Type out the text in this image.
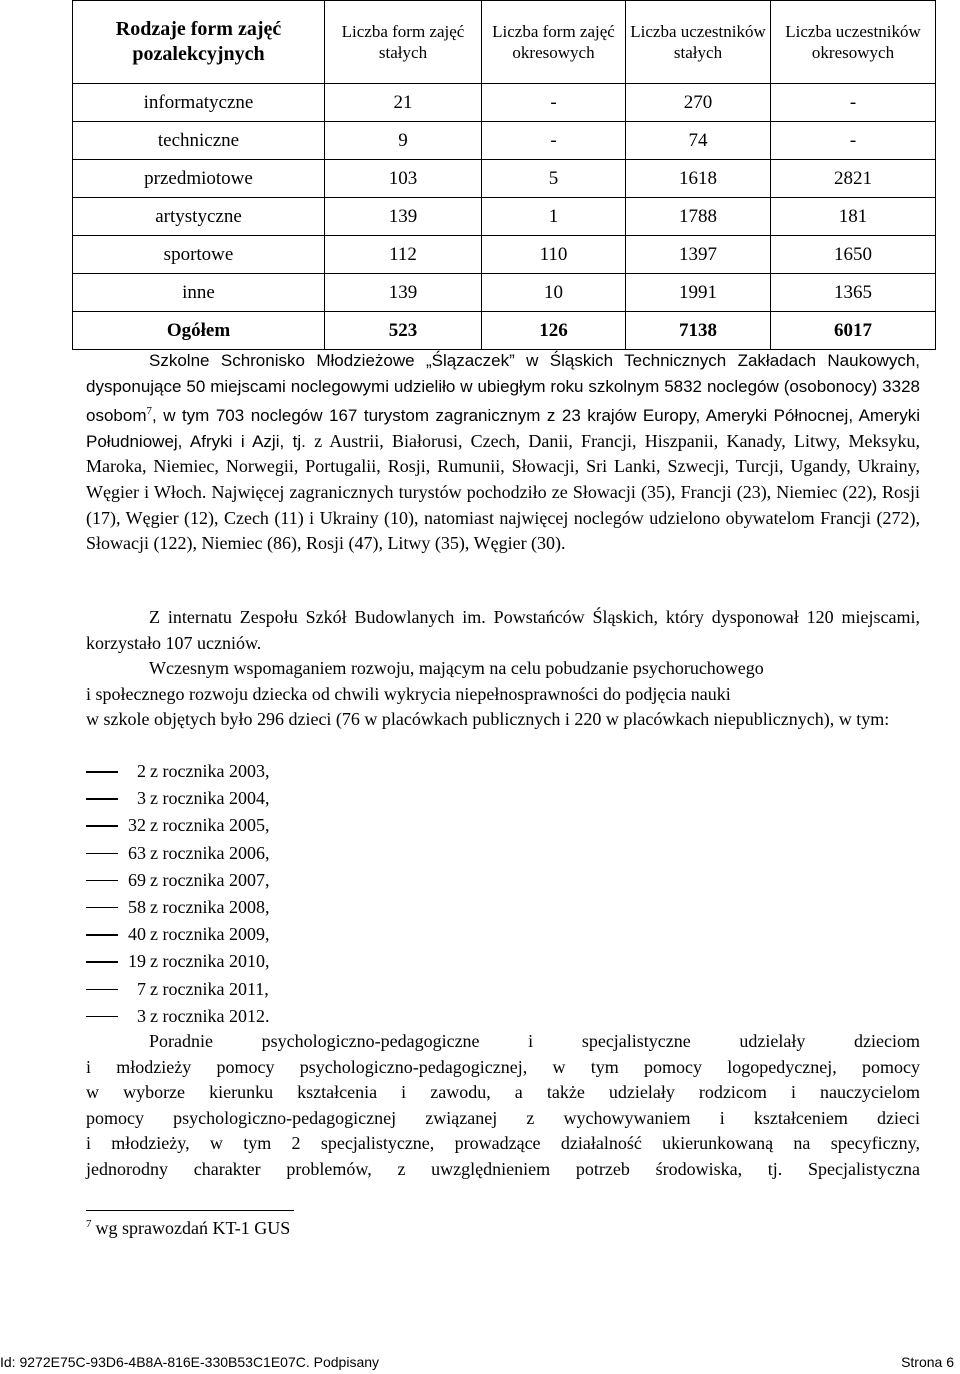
Rodzaje form zajęć pozalekcyjnych	Liczba form zajęć stałych	Liczba form zajęć okresowych	Liczba uczestników stałych	Liczba uczestników okresowych
informatyczne	21	-	270	-
techniczne	9	-	74	-
przedmiotowe	103	5	1618	2821
artystyczne	139	1	1788	181
sportowe	112	110	1397	1650
inne	139	10	1991	1365
Ogółem	523	126	7138	6017

Szkolne Schronisko Młodzieżowe „Ślązaczek” w Śląskich Technicznych Zakładach Naukowych, dysponujące 50 miejscami noclegowymi udzieliło w ubiegłym roku szkolnym 5832 noclegów (osobonocy) 3328 osobom$^7$, w tym 703 noclegów 167 turystom zagranicznym z 23 krajów Europy, Ameryki Północnej, Ameryki Południowej, Afryki i Azji, tj. z Austrii, Białorusi, Czech, Danii, Francji, Hiszpanii, Kanady, Litwy, Meksyku, Maroka, Niemiec, Norwegii, Portugalii, Rosji, Rumunii, Słowacji, Sri Lanki, Szwecji, Turcji, Ugandy, Ukrainy, Węgier i Włoch. Najwięcej zagranicznych turystów pochodziło ze Słowacji (35), Francji (23), Niemiec (22), Rosji (17), Węgier (12), Czech (11) i Ukrainy (10), natomiast najwięcej noclegów udzielono obywatelom Francji (272), Słowacji (122), Niemiec (86), Rosji (47), Litwy (35), Węgier (30).

Z internatu Zespołu Szkół Budowlanych im. Powstańców Śląskich, który dysponował 120 miejscami, korzystało 107 uczniów.

Wczesnym wspomaganiem rozwoju, mającym na celu pobudzanie psychoruchowego
i społecznego rozwoju dziecka od chwili wykrycia niepełnosprawności do podjęcia nauki
w szkole objętych było 296 dzieci (76 w placówkach publicznych i 220 w placówkach niepublicznych), w tym:
2 z rocznika 2003,
3 z rocznika 2004,
32 z rocznika 2005,
63 z rocznika 2006,
69 z rocznika 2007,
58 z rocznika 2008,
40 z rocznika 2009,
19 z rocznika 2010,
7 z rocznika 2011,
3 z rocznika 2012.
Poradnie psychologiczno-pedagogiczne i specjalistyczne udzielały dzieciom
i młodzieży pomocy psychologiczno-pedagogicznej, w tym pomocy logopedycznej, pomocy
w wyborze kierunku kształcenia i zawodu, a także udzielały rodzicom i nauczycielom
pomocy psychologiczno-pedagogicznej związanej z wychowywaniem i kształceniem dzieci
i młodzieży, w tym 2 specjalistyczne, prowadzące działalność ukierunkowaną na specyficzny,
jednorodny charakter problemów, z uwzględnieniem potrzeb środowiska, tj. Specjalistyczna
$^7$ wg sprawozdań KT-1 GUS
Id: 9272E75C-93D6-4B8A-816E-330B53C1E07C. Podpisany	Strona 6
